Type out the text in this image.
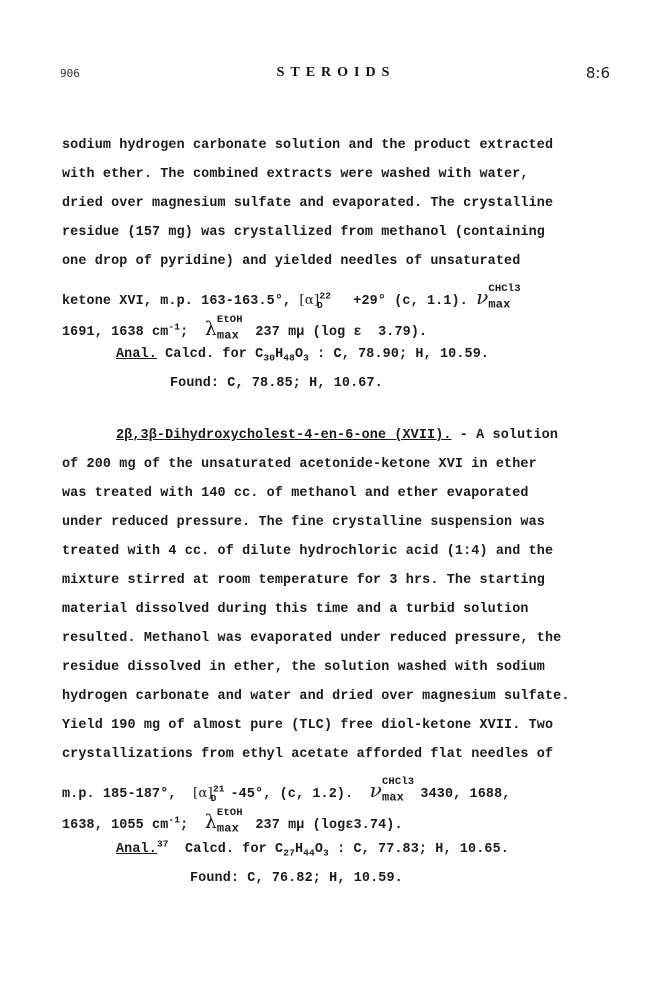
906	STEROIDS	8:6
sodium hydrogen carbonate solution and the product extracted
with ether. The combined extracts were washed with water,
dried over magnesium sulfate and evaporated. The crystalline
residue (157 mg) was crystallized from methanol (containing
one drop of pyridine) and yielded needles of unsaturated
ketone XVI, m.p. 163-163.5°, $[\alpha]^{22}_D +29^\circ$ (c, 1.1). ν CHCl3
$_{max}$
1691, 1638 $cm^{-1}$;  λ EtOH
$_{max}$  237 mμ (log ε  3.79).
Anal. Calcd. for $C_{30}H_{48}O_3$ : C, 78.90; H, 10.59.
Found: C, 78.85; H, 10.67.
2β,3β-Dihydroxycholest-4-en-6-one (XVII). - A solution
of 200 mg of the unsaturated acetonide-ketone XVI in ether
was treated with 140 cc. of methanol and ether evaporated
under reduced pressure. The fine crystalline suspension was
treated with 4 cc. of dilute hydrochloric acid (1:4) and the
mixture stirred at room temperature for 3 hrs. The starting
material dissolved during this time and a turbid solution
resulted. Methanol was evaporated under reduced pressure, the
residue dissolved in ether, the solution washed with sodium
hydrogen carbonate and water and dried over magnesium sulfate.
Yield 190 mg of almost pure (TLC) free diol-ketone XVII. Two
crystallizations from ethyl acetate afforded flat needles of
m.p. 185-187°,  $[\alpha]^{21}_D$ -45°, (c, 1.2).  ν CHCl3
$_{max}$  3430, 1688,
1638, 1055 $cm^{-1}$;  λ EtOH
$_{max}$  237 mμ (logε3.74).
Anal.$^{37}$  Calcd. for $C_{27}H_{44}O_3$ : C, 77.83; H, 10.65.
Found: C, 76.82; H, 10.59.
